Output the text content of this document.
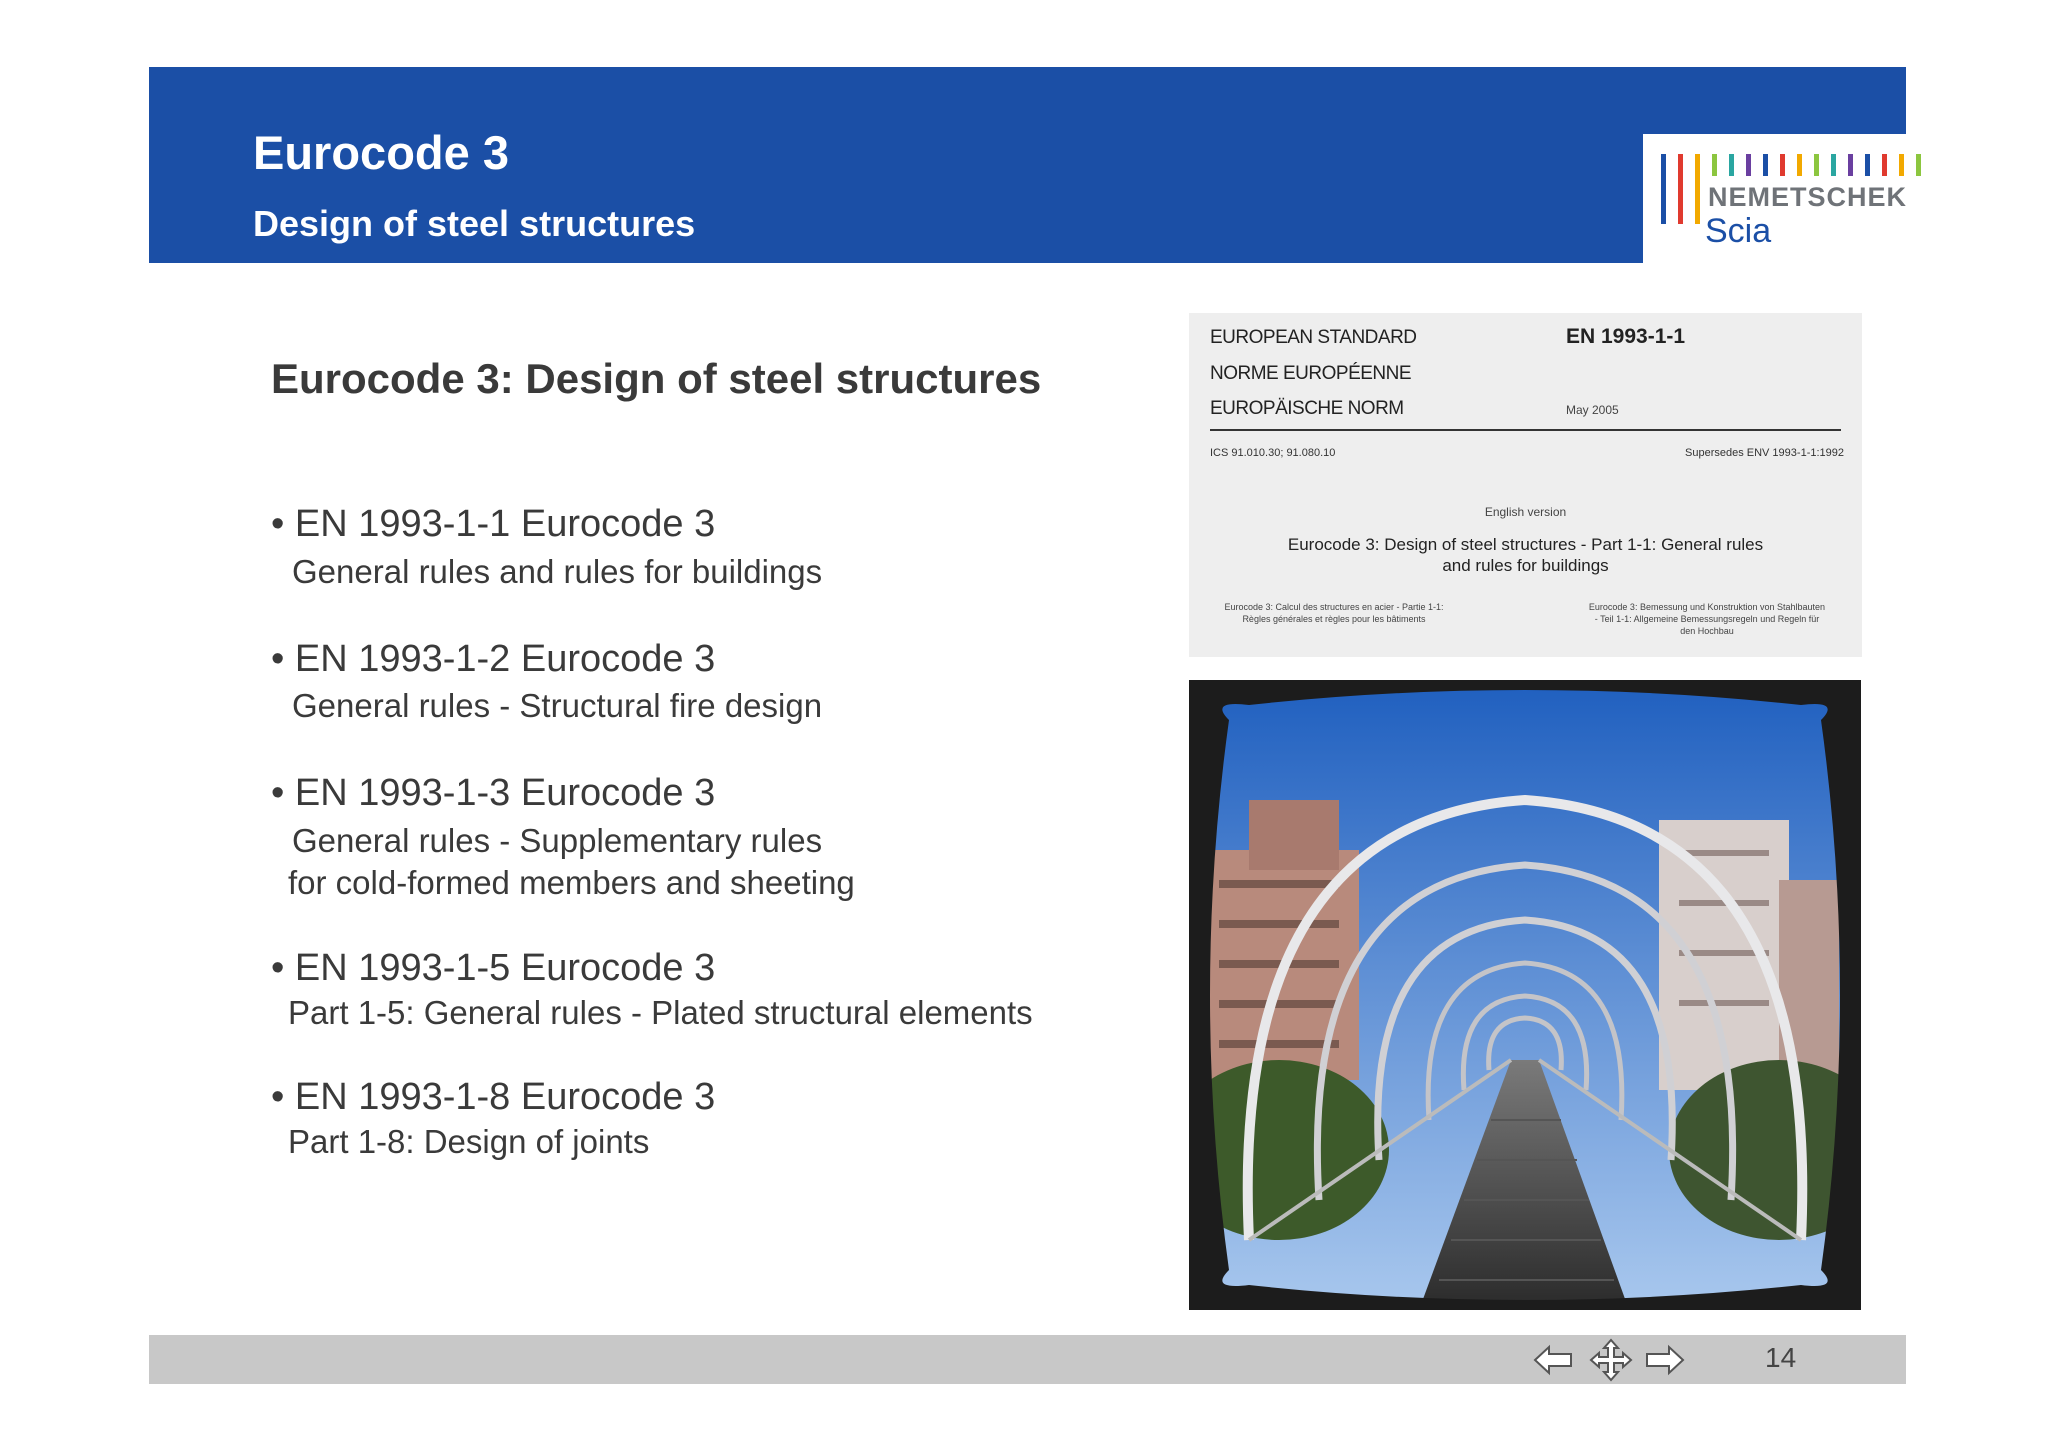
Eurocode 3
Design of steel structures
NEMETSCHEK
Scia
Eurocode 3: Design of steel structures
• EN 1993-1-1 Eurocode 3
General rules and rules for buildings
• EN 1993-1-2 Eurocode 3
General rules - Structural fire design
• EN 1993-1-3 Eurocode 3
General rules - Supplementary rules
for cold-formed members and sheeting
• EN 1993-1-5 Eurocode 3
Part 1-5: General rules - Plated structural elements
• EN 1993-1-8 Eurocode 3
Part 1-8: Design of joints
EUROPEAN STANDARD
NORME EUROPÉENNE
EUROPÄISCHE NORM
EN 1993-1-1
May 2005
ICS 91.010.30; 91.080.10	Supersedes ENV 1993-1-1:1992
English version
Eurocode 3: Design of steel structures - Part 1-1: General rules
and rules for buildings
Eurocode 3: Calcul des structures en acier - Partie 1-1:
Règles générales et règles pour les bâtiments
Eurocode 3: Bemessung und Konstruktion von Stahlbauten
- Teil 1-1: Allgemeine Bemessungsregeln und Regeln für
den Hochbau
14
